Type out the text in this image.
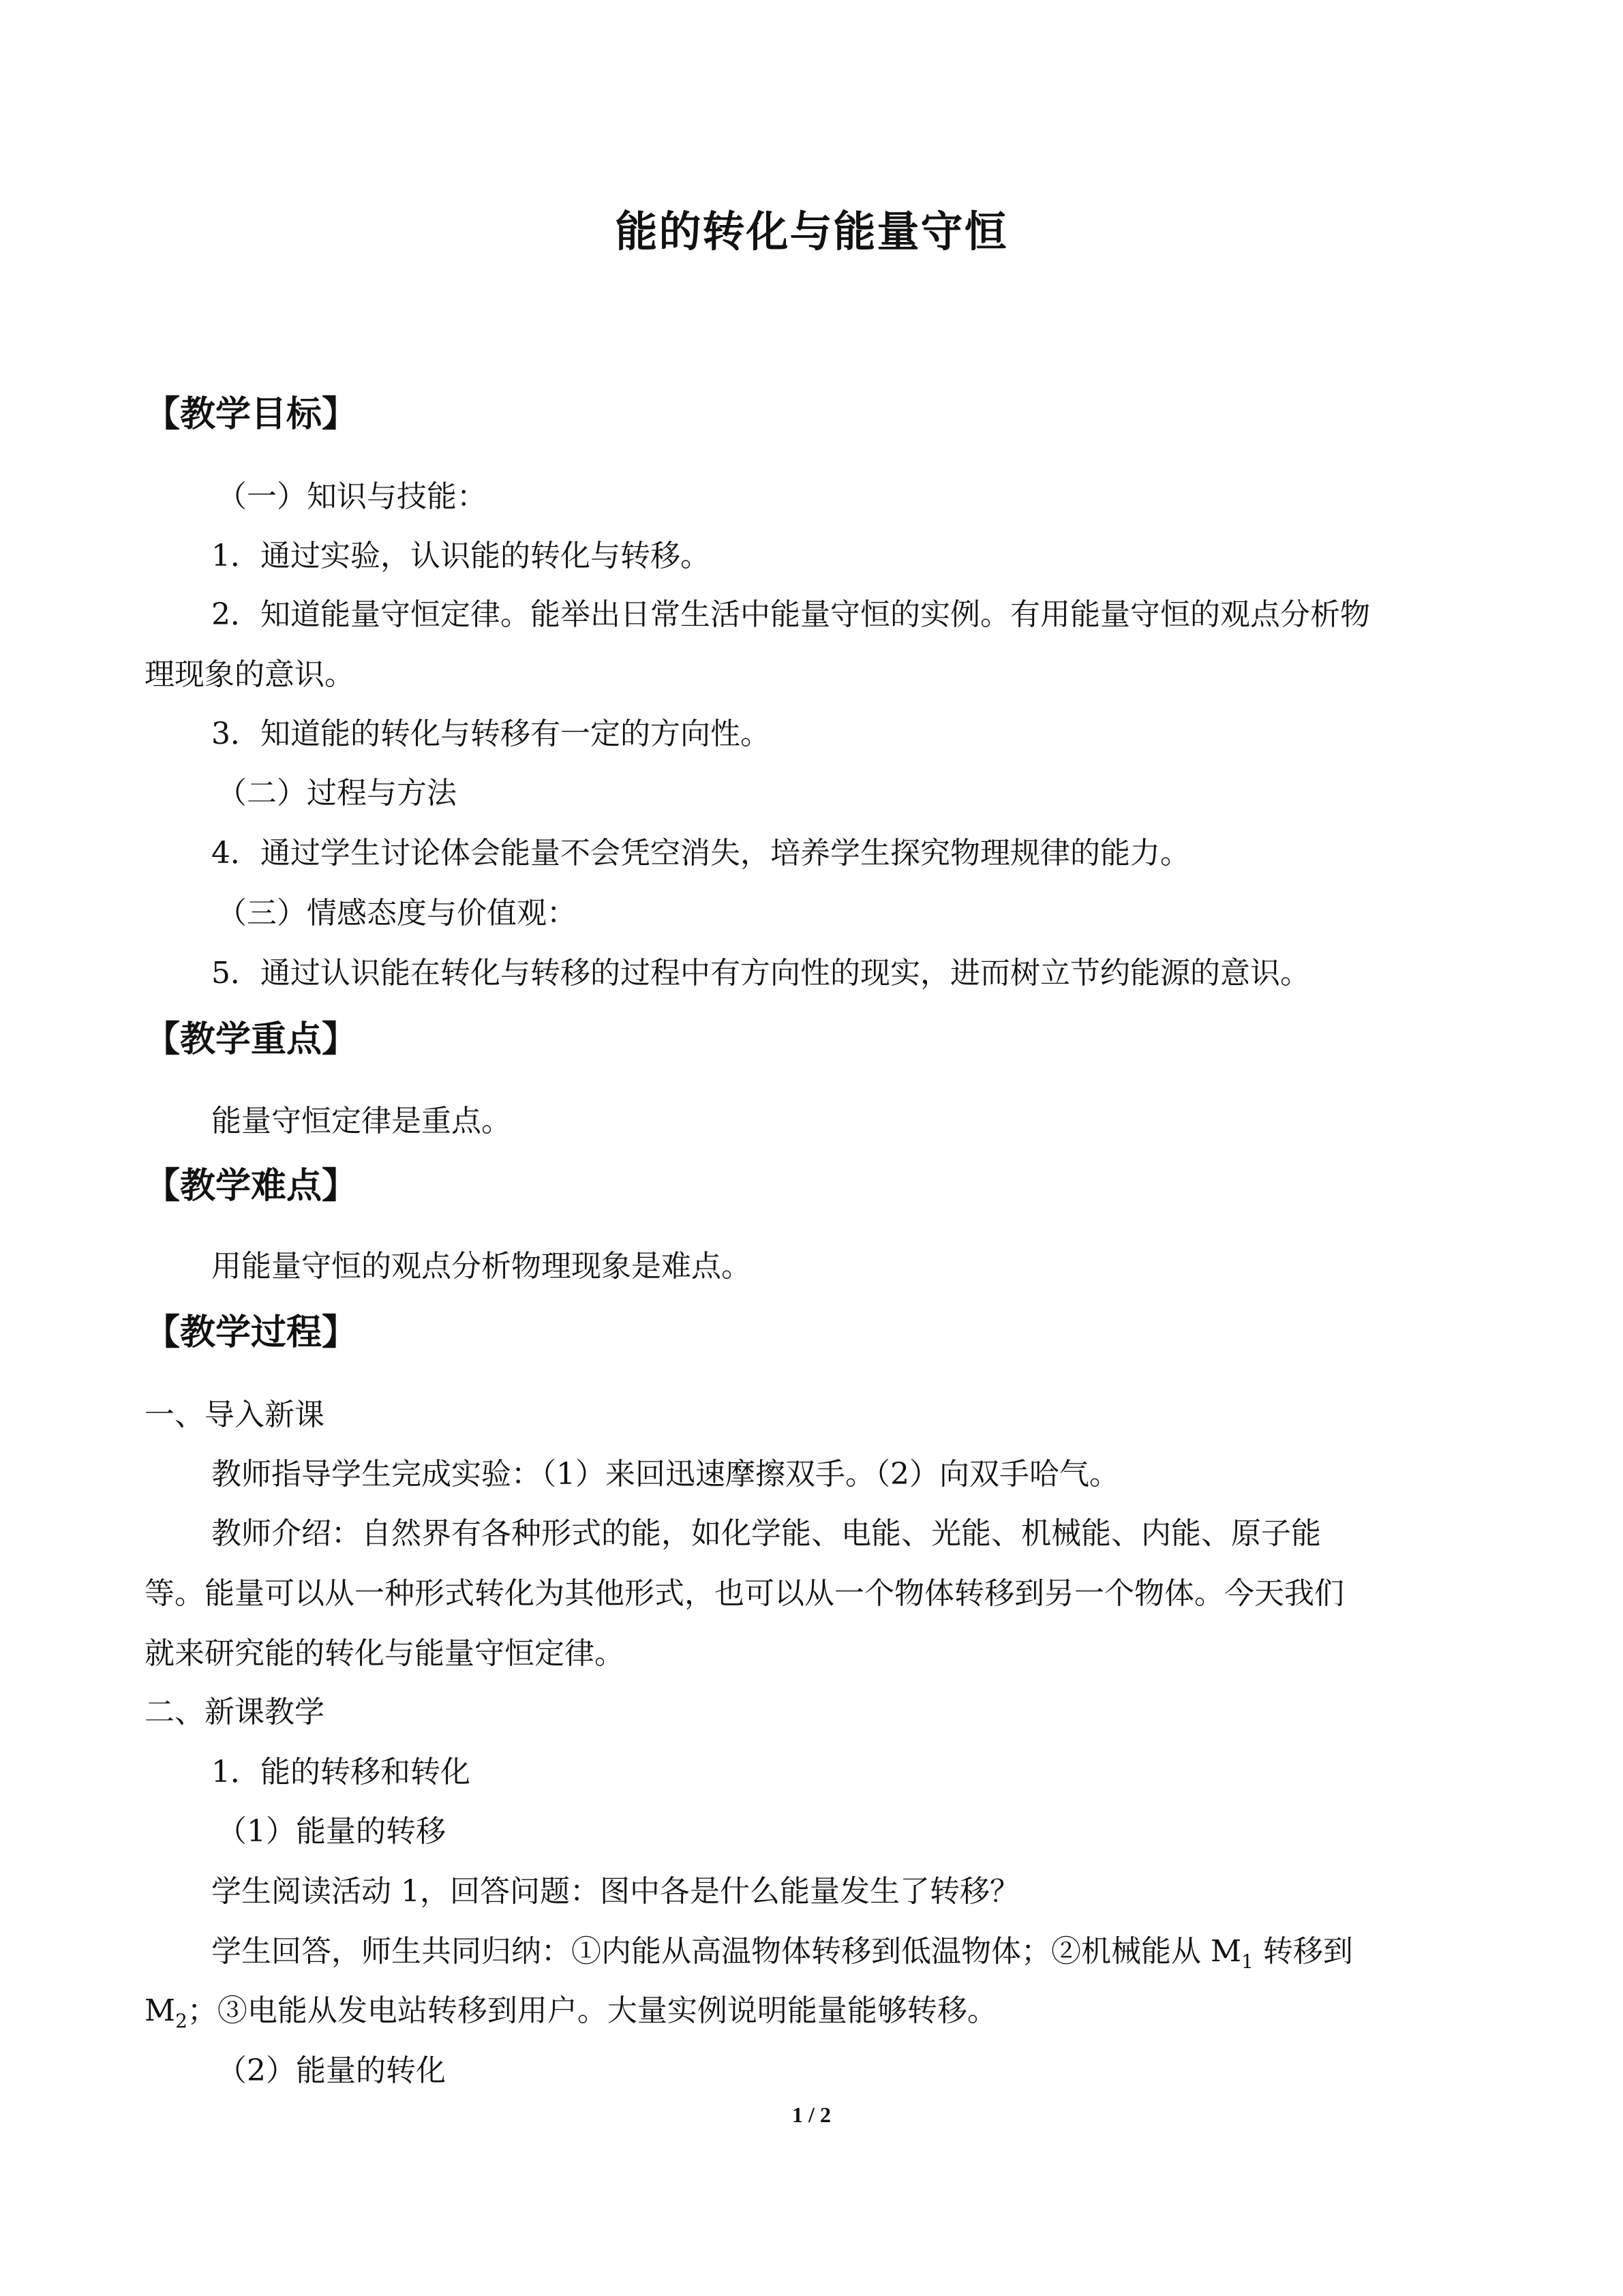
能的转化与能量守恒
【教学目标】
（一）知识与技能：
1．通过实验，认识能的转化与转移。
2．知道能量守恒定律。能举出日常生活中能量守恒的实例。有用能量守恒的观点分析物
理现象的意识。
3．知道能的转化与转移有一定的方向性。
（二）过程与方法
4．通过学生讨论体会能量不会凭空消失，培养学生探究物理规律的能力。
（三）情感态度与价值观：
5．通过认识能在转化与转移的过程中有方向性的现实，进而树立节约能源的意识。
【教学重点】
能量守恒定律是重点。
【教学难点】
用能量守恒的观点分析物理现象是难点。
【教学过程】
一、导入新课
教师指导学生完成实验：（1）来回迅速摩擦双手。（2）向双手哈气。
教师介绍：自然界有各种形式的能，如化学能、电能、光能、机械能、内能、原子能
等。能量可以从一种形式转化为其他形式，也可以从一个物体转移到另一个物体。今天我们
就来研究能的转化与能量守恒定律。
二、新课教学
1．能的转移和转化
（1）能量的转移
学生阅读活动 1，回答问题：图中各是什么能量发生了转移？
学生回答，师生共同归纳：①内能从高温物体转移到低温物体；②机械能从 $M_1$ 转移到
$M_2$；③电能从发电站转移到用户。大量实例说明能量能够转移。
（2）能量的转化
1 / 2
